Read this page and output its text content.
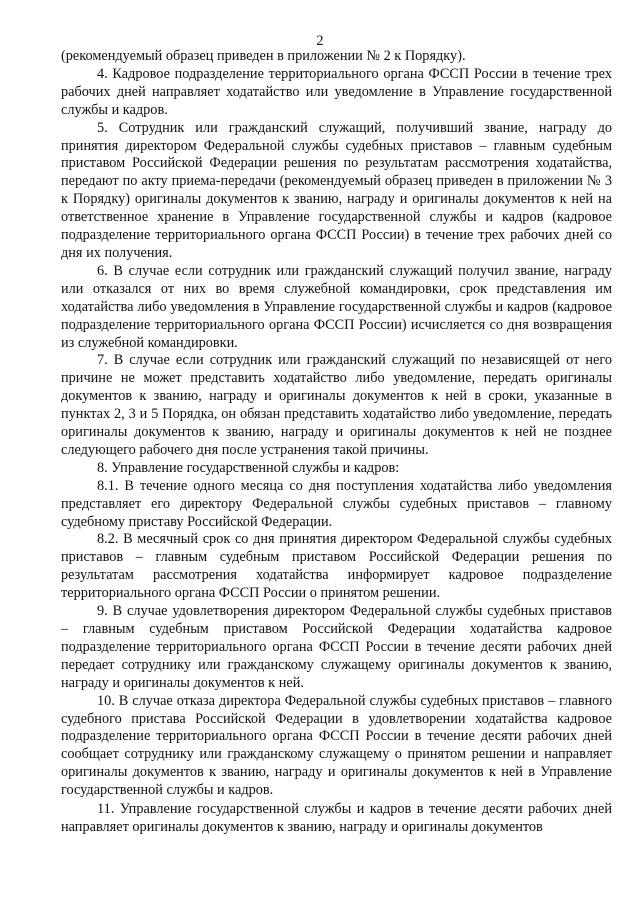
2

(рекомендуемый образец приведен в приложении № 2 к Порядку).

4. Кадровое подразделение территориального органа ФССП России в течение трех рабочих дней направляет ходатайство или уведомление в Управление государственной службы и кадров.

5. Сотрудник или гражданский служащий, получивший звание, награду до принятия директором Федеральной службы судебных приставов – главным судебным приставом Российской Федерации решения по результатам рассмотрения ходатайства, передают по акту приема-передачи (рекомендуемый образец приведен в приложении № 3 к Порядку) оригиналы документов к званию, награду и оригиналы документов к ней на ответственное хранение в Управление государственной службы и кадров (кадровое подразделение территориального органа ФССП России) в течение трех рабочих дней со дня их получения.

6. В случае если сотрудник или гражданский служащий получил звание, награду или отказался от них во время служебной командировки, срок представления им ходатайства либо уведомления в Управление государственной службы и кадров (кадровое подразделение территориального органа ФССП России) исчисляется со дня возвращения из служебной командировки.

7. В случае если сотрудник или гражданский служащий по независящей от него причине не может представить ходатайство либо уведомление, передать оригиналы документов к званию, награду и оригиналы документов к ней в сроки, указанные в пунктах 2, 3 и 5 Порядка, он обязан представить ходатайство либо уведомление, передать оригиналы документов к званию, награду и оригиналы документов к ней не позднее следующего рабочего дня после устранения такой причины.

8. Управление государственной службы и кадров:

8.1. В течение одного месяца со дня поступления ходатайства либо уведомления представляет его директору Федеральной службы судебных приставов – главному судебному приставу Российской Федерации.

8.2. В месячный срок со дня принятия директором Федеральной службы судебных приставов – главным судебным приставом Российской Федерации решения по результатам рассмотрения ходатайства информирует кадровое подразделение территориального органа ФССП России о принятом решении.

9. В случае удовлетворения директором Федеральной службы судебных приставов – главным судебным приставом Российской Федерации ходатайства кадровое подразделение территориального органа ФССП России в течение десяти рабочих дней передает сотруднику или гражданскому служащему оригиналы документов к званию, награду и оригиналы документов к ней.

10. В случае отказа директора Федеральной службы судебных приставов – главного судебного пристава Российской Федерации в удовлетворении ходатайства кадровое подразделение территориального органа ФССП России в течение десяти рабочих дней сообщает сотруднику или гражданскому служащему о принятом решении и направляет оригиналы документов к званию, награду и оригиналы документов к ней в Управление государственной службы и кадров.

11. Управление государственной службы и кадров в течение десяти рабочих дней направляет оригиналы документов к званию, награду и оригиналы документов
